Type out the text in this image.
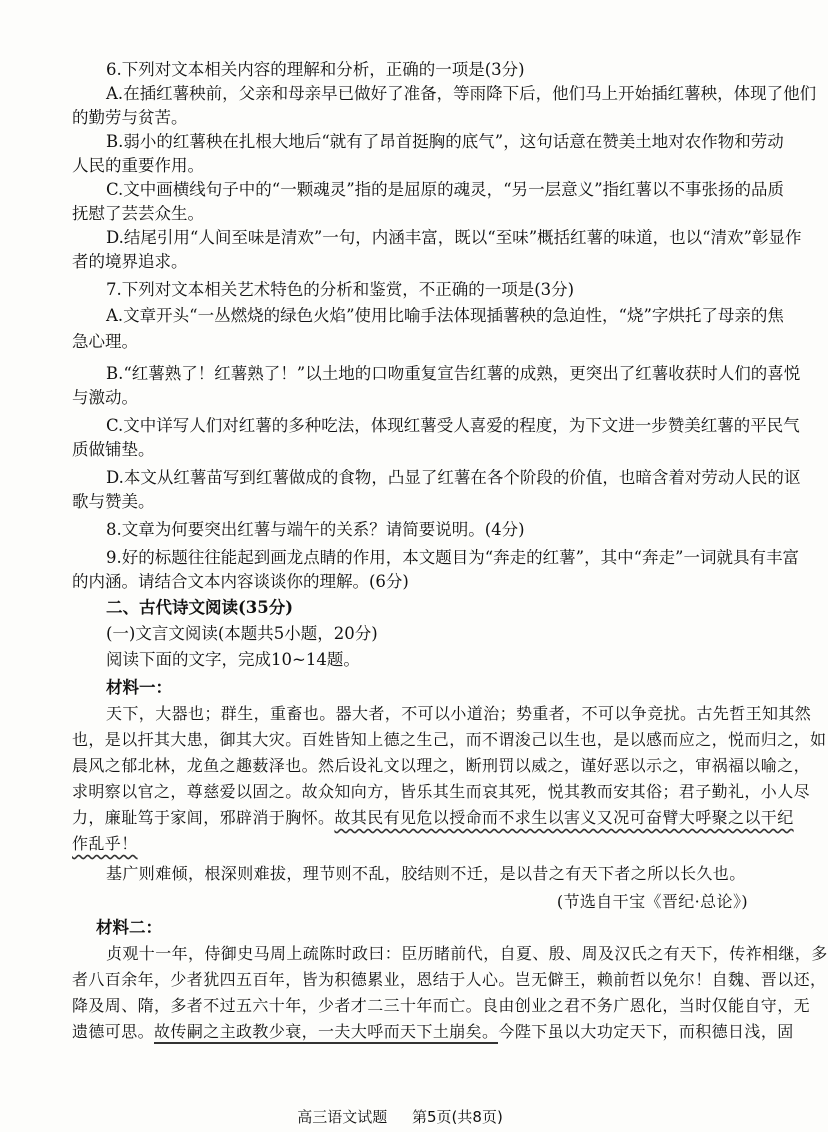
6.下列对文本相关内容的理解和分析，正确的一项是(3分)
A.在插红薯秧前，父亲和母亲早已做好了准备，等雨降下后，他们马上开始插红薯秧，体现了他们
的勤劳与贫苦。
B.弱小的红薯秧在扎根大地后“就有了昂首挺胸的底气”，这句话意在赞美土地对农作物和劳动
人民的重要作用。
C.文中画横线句子中的“一颗魂灵”指的是屈原的魂灵，“另一层意义”指红薯以不事张扬的品质
抚慰了芸芸众生。
D.结尾引用“人间至味是清欢”一句，内涵丰富，既以“至味”概括红薯的味道，也以“清欢”彰显作
者的境界追求。
7.下列对文本相关艺术特色的分析和鉴赏，不正确的一项是(3分)
A.文章开头“一丛燃烧的绿色火焰”使用比喻手法体现插薯秧的急迫性，“烧”字烘托了母亲的焦
急心理。
B.“红薯熟了！红薯熟了！”以土地的口吻重复宣告红薯的成熟，更突出了红薯收获时人们的喜悦
与激动。
C.文中详写人们对红薯的多种吃法，体现红薯受人喜爱的程度，为下文进一步赞美红薯的平民气
质做铺垫。
D.本文从红薯苗写到红薯做成的食物，凸显了红薯在各个阶段的价值，也暗含着对劳动人民的讴
歌与赞美。
8.文章为何要突出红薯与端午的关系？请简要说明。(4分)
9.好的标题往往能起到画龙点睛的作用，本文题目为“奔走的红薯”，其中“奔走”一词就具有丰富
的内涵。请结合文本内容谈谈你的理解。(6分)
二、古代诗文阅读(35分)
(一)文言文阅读(本题共5小题，20分)
阅读下面的文字，完成10~14题。
材料一：
天下，大器也；群生，重畜也。器大者，不可以小道治；势重者，不可以争竞扰。古先哲王知其然
也，是以扞其大患，御其大灾。百姓皆知上德之生己，而不谓浚己以生也，是以感而应之，悦而归之，如
晨风之郁北林，龙鱼之趣薮泽也。然后设礼文以理之，断刑罚以威之，谨好恶以示之，审祸福以喻之，
求明察以官之，尊慈爱以固之。故众知向方，皆乐其生而哀其死，悦其教而安其俗；君子勤礼，小人尽
力，廉耻笃于家闾，邪辟消于胸怀。故其民有见危以授命而不求生以害义又况可奋臂大呼聚之以干纪
作乱乎！
基广则难倾，根深则难拔，理节则不乱，胶结则不迁，是以昔之有天下者之所以长久也。
(节选自干宝《晋纪·总论》)
材料二：
贞观十一年，侍御史马周上疏陈时政曰：臣历睹前代，自夏、殷、周及汉氏之有天下，传祚相继，多
者八百余年，少者犹四五百年，皆为积德累业，恩结于人心。岂无僻王，赖前哲以免尔！自魏、晋以还，
降及周、隋，多者不过五六十年，少者才二三十年而亡。良由创业之君不务广恩化，当时仅能自守，无
遗德可思。故传嗣之主政教少衰，一夫大呼而天下土崩矣。今陛下虽以大功定天下，而积德日浅，固
高三语文试题 第5页(共8页)
